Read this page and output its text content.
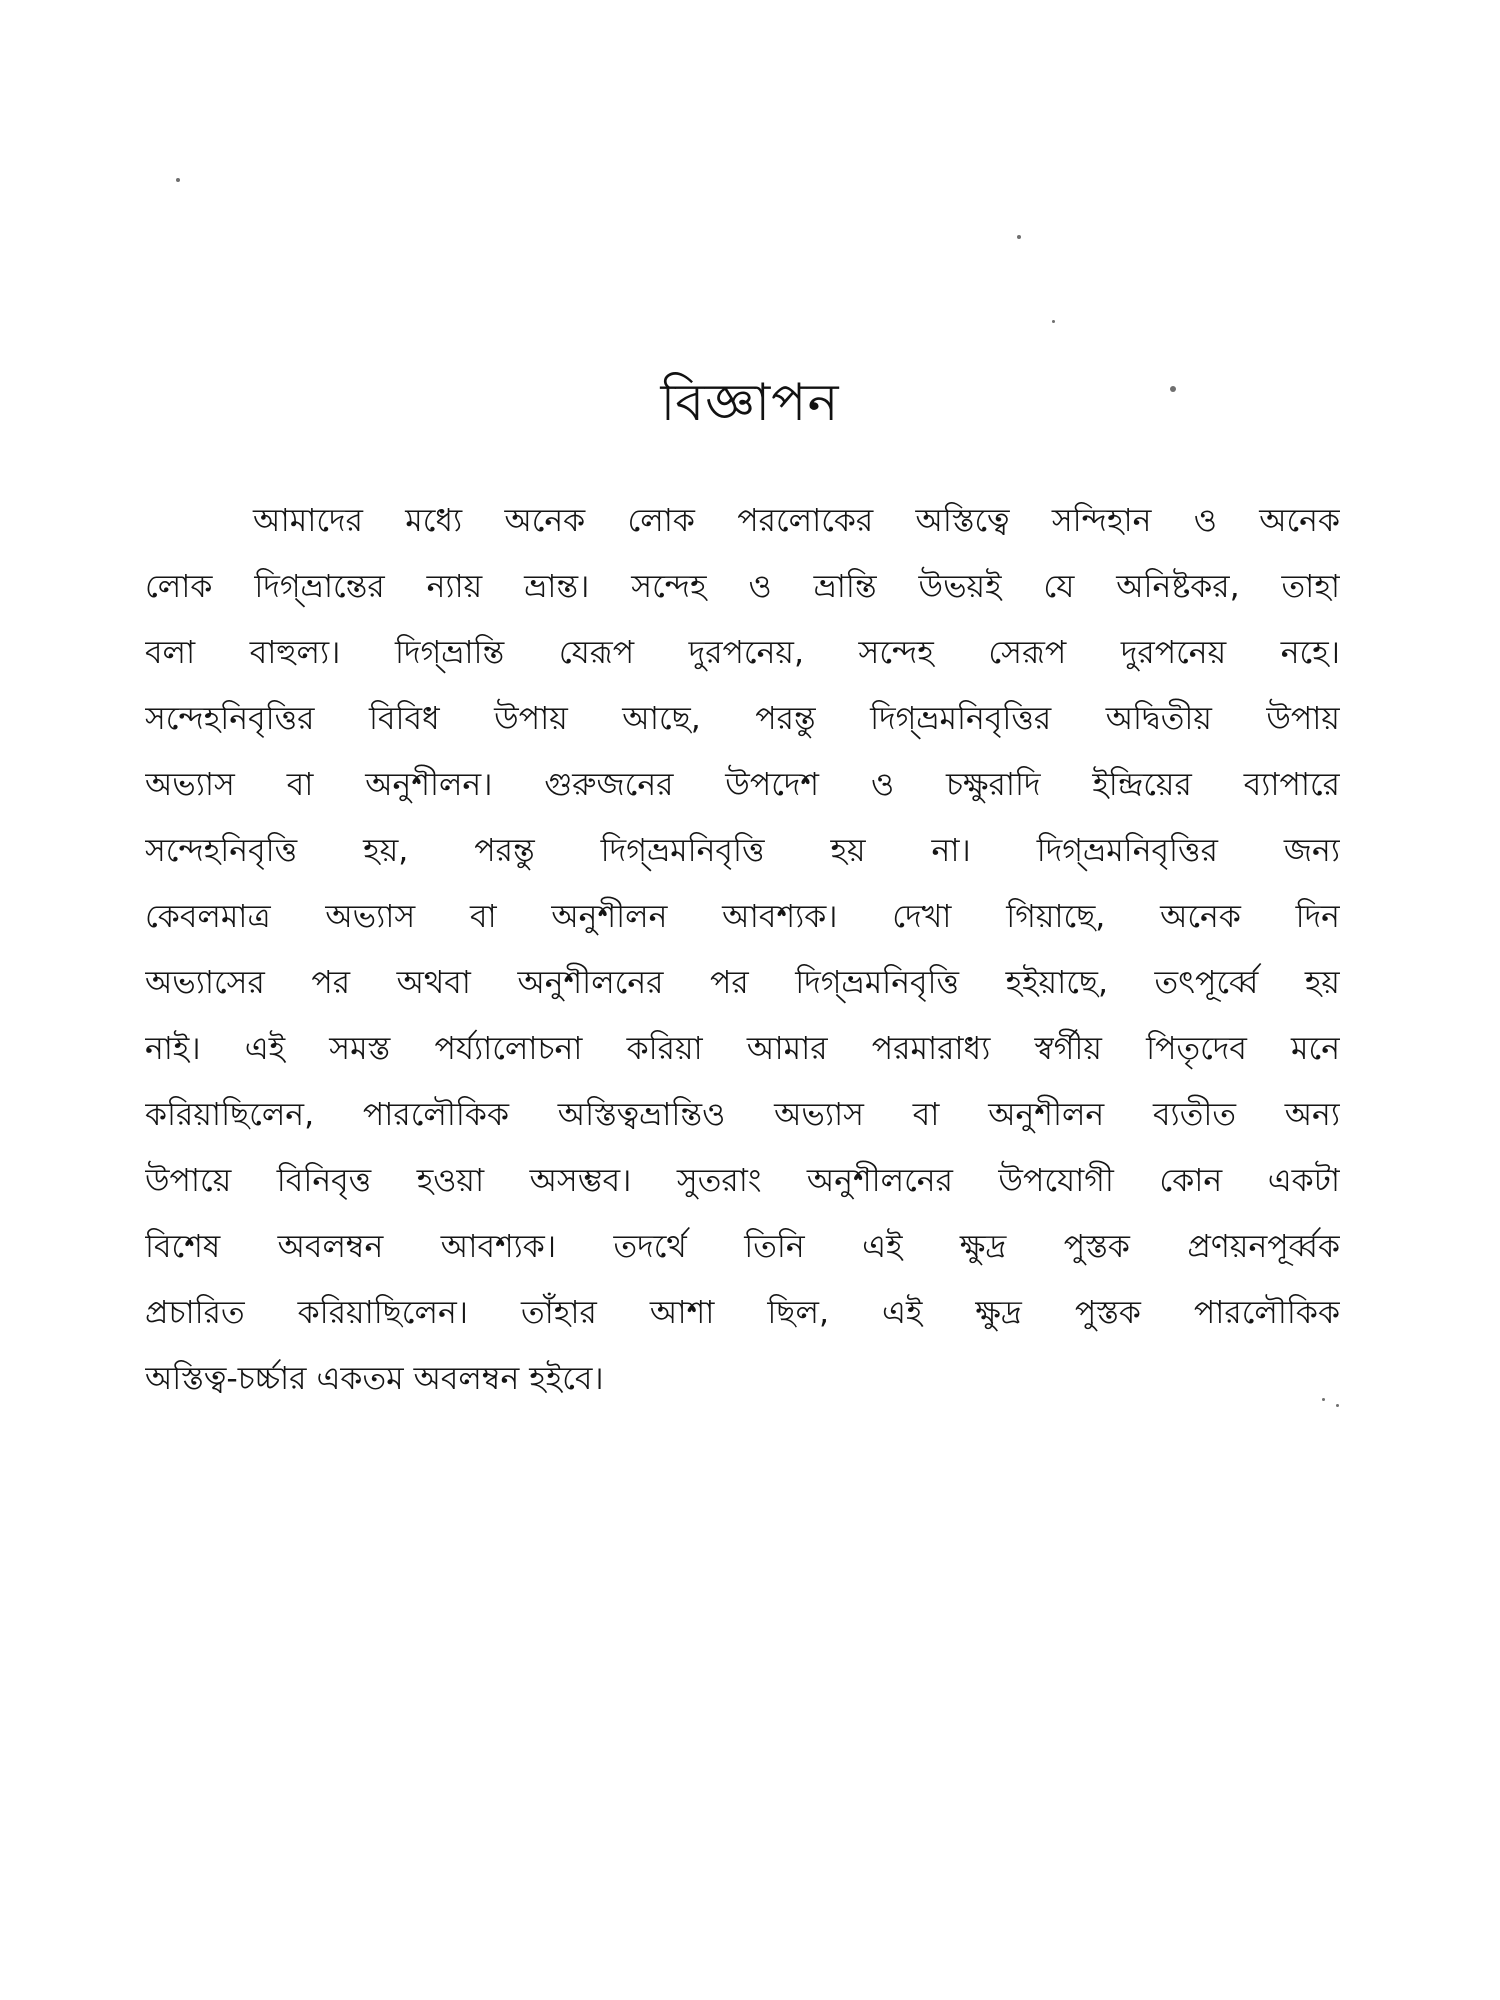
বিজ্ঞাপন
আমাদের মধ্যে অনেক লোক পরলোকের অস্তিত্বে সন্দিহান ও অনেক
লোক দিগ্‌ভ্রান্তের ন্যায় ভ্রান্ত। সন্দেহ ও ভ্রান্তি উভয়ই যে অনিষ্টকর, তাহা
বলা বাহুল্য। দিগ্‌ভ্রান্তি যেরূপ দুরপনেয়, সন্দেহ সেরূপ দুরপনেয় নহে।
সন্দেহনিবৃত্তির বিবিধ উপায় আছে, পরন্তু দিগ্‌ভ্রমনিবৃত্তির অদ্বিতীয় উপায়
অভ্যাস বা অনুশীলন। গুরুজনের উপদেশ ও চক্ষুরাদি ইন্দ্রিয়ের ব্যাপারে
সন্দেহনিবৃত্তি হয়, পরন্তু দিগ্‌ভ্রমনিবৃত্তি হয় না। দিগ্‌ভ্রমনিবৃত্তির জন্য
কেবলমাত্র অভ্যাস বা অনুশীলন আবশ্যক। দেখা গিয়াছে, অনেক দিন
অভ্যাসের পর অথবা অনুশীলনের পর দিগ্‌ভ্রমনিবৃত্তি হইয়াছে, তৎপূর্ব্বে হয়
নাই। এই সমস্ত পর্য্যালোচনা করিয়া আমার পরমারাধ্য স্বর্গীয় পিতৃদেব মনে
করিয়াছিলেন, পারলৌকিক অস্তিত্বভ্রান্তিও অভ্যাস বা অনুশীলন ব্যতীত অন্য
উপায়ে বিনিবৃত্ত হওয়া অসম্ভব। সুতরাং অনুশীলনের উপযোগী কোন একটা
বিশেষ অবলম্বন আবশ্যক। তদর্থে তিনি এই ক্ষুদ্র পুস্তক প্রণয়নপূর্ব্বক
প্রচারিত করিয়াছিলেন। তাঁহার আশা ছিল, এই ক্ষুদ্র পুস্তক পারলৌকিক
অস্তিত্ব-চর্চ্চার একতম অবলম্বন হইবে।
